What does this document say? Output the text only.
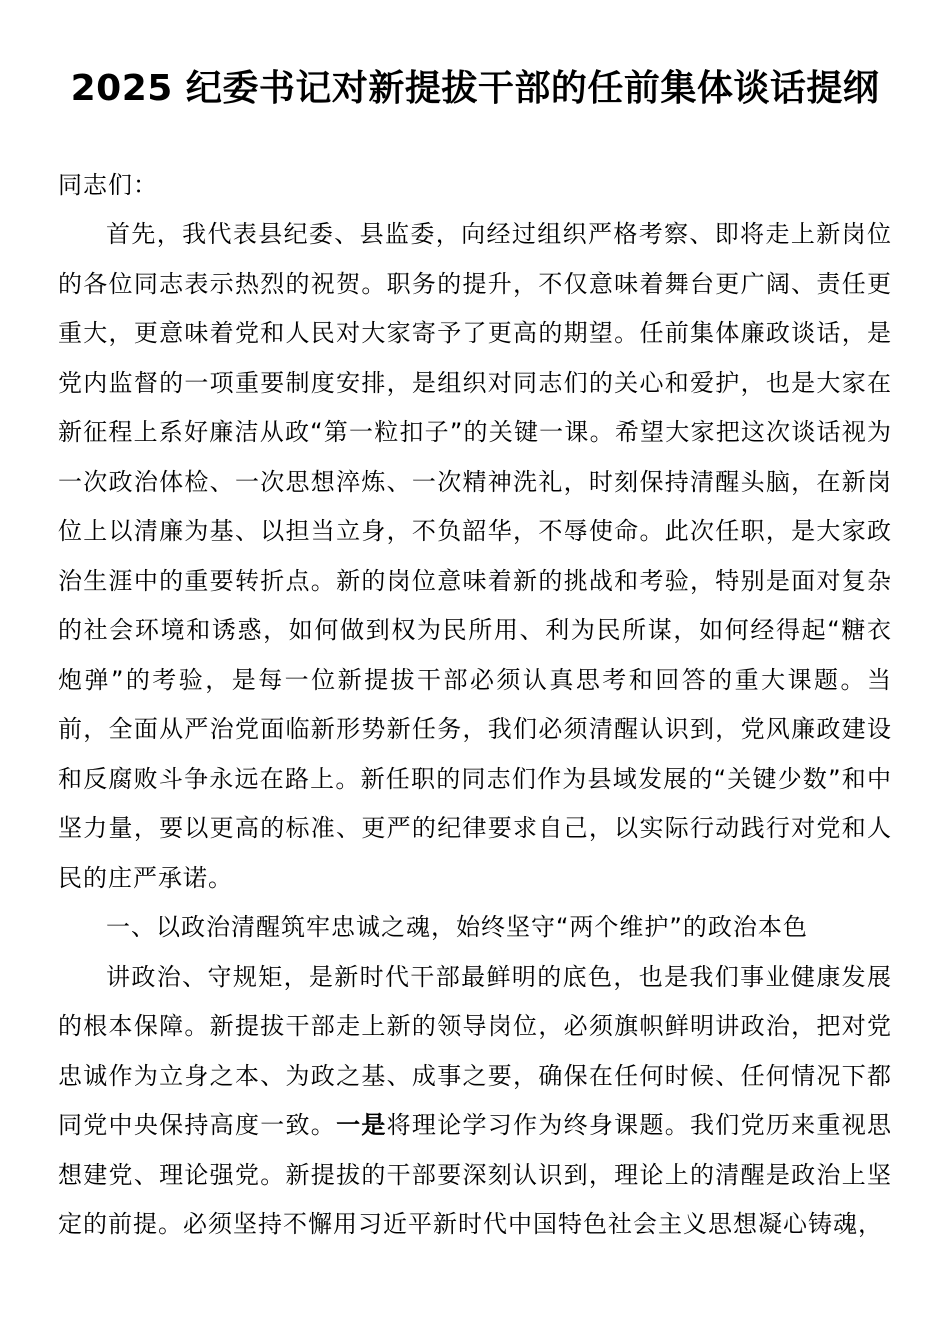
2025 纪委书记对新提拔干部的任前集体谈话提纲

同志们：

首先，我代表县纪委、县监委，向经过组织严格考察、即将走上新岗位的各位同志表示热烈的祝贺。职务的提升，不仅意味着舞台更广阔、责任更重大，更意味着党和人民对大家寄予了更高的期望。任前集体廉政谈话，是党内监督的一项重要制度安排，是组织对同志们的关心和爱护，也是大家在新征程上系好廉洁从政“第一粒扣子”的关键一课。希望大家把这次谈话视为一次政治体检、一次思想淬炼、一次精神洗礼，时刻保持清醒头脑，在新岗位上以清廉为基、以担当立身，不负韶华，不辱使命。此次任职，是大家政治生涯中的重要转折点。新的岗位意味着新的挑战和考验，特别是面对复杂的社会环境和诱惑，如何做到权为民所用、利为民所谋，如何经得起“糖衣炮弹”的考验，是每一位新提拔干部必须认真思考和回答的重大课题。当前，全面从严治党面临新形势新任务，我们必须清醒认识到，党风廉政建设和反腐败斗争永远在路上。新任职的同志们作为县域发展的“关键少数”和中坚力量，要以更高的标准、更严的纪律要求自己，以实际行动践行对党和人民的庄严承诺。

一、以政治清醒筑牢忠诚之魂，始终坚守“两个维护”的政治本色

讲政治、守规矩，是新时代干部最鲜明的底色，也是我们事业健康发展的根本保障。新提拔干部走上新的领导岗位，必须旗帜鲜明讲政治，把对党忠诚作为立身之本、为政之基、成事之要，确保在任何时候、任何情况下都同党中央保持高度一致。一是将理论学习作为终身课题。我们党历来重视思想建党、理论强党。新提拔的干部要深刻认识到，理论上的清醒是政治上坚定的前提。必须坚持不懈用习近平新时代中国特色社会主义思想凝心铸魂，
